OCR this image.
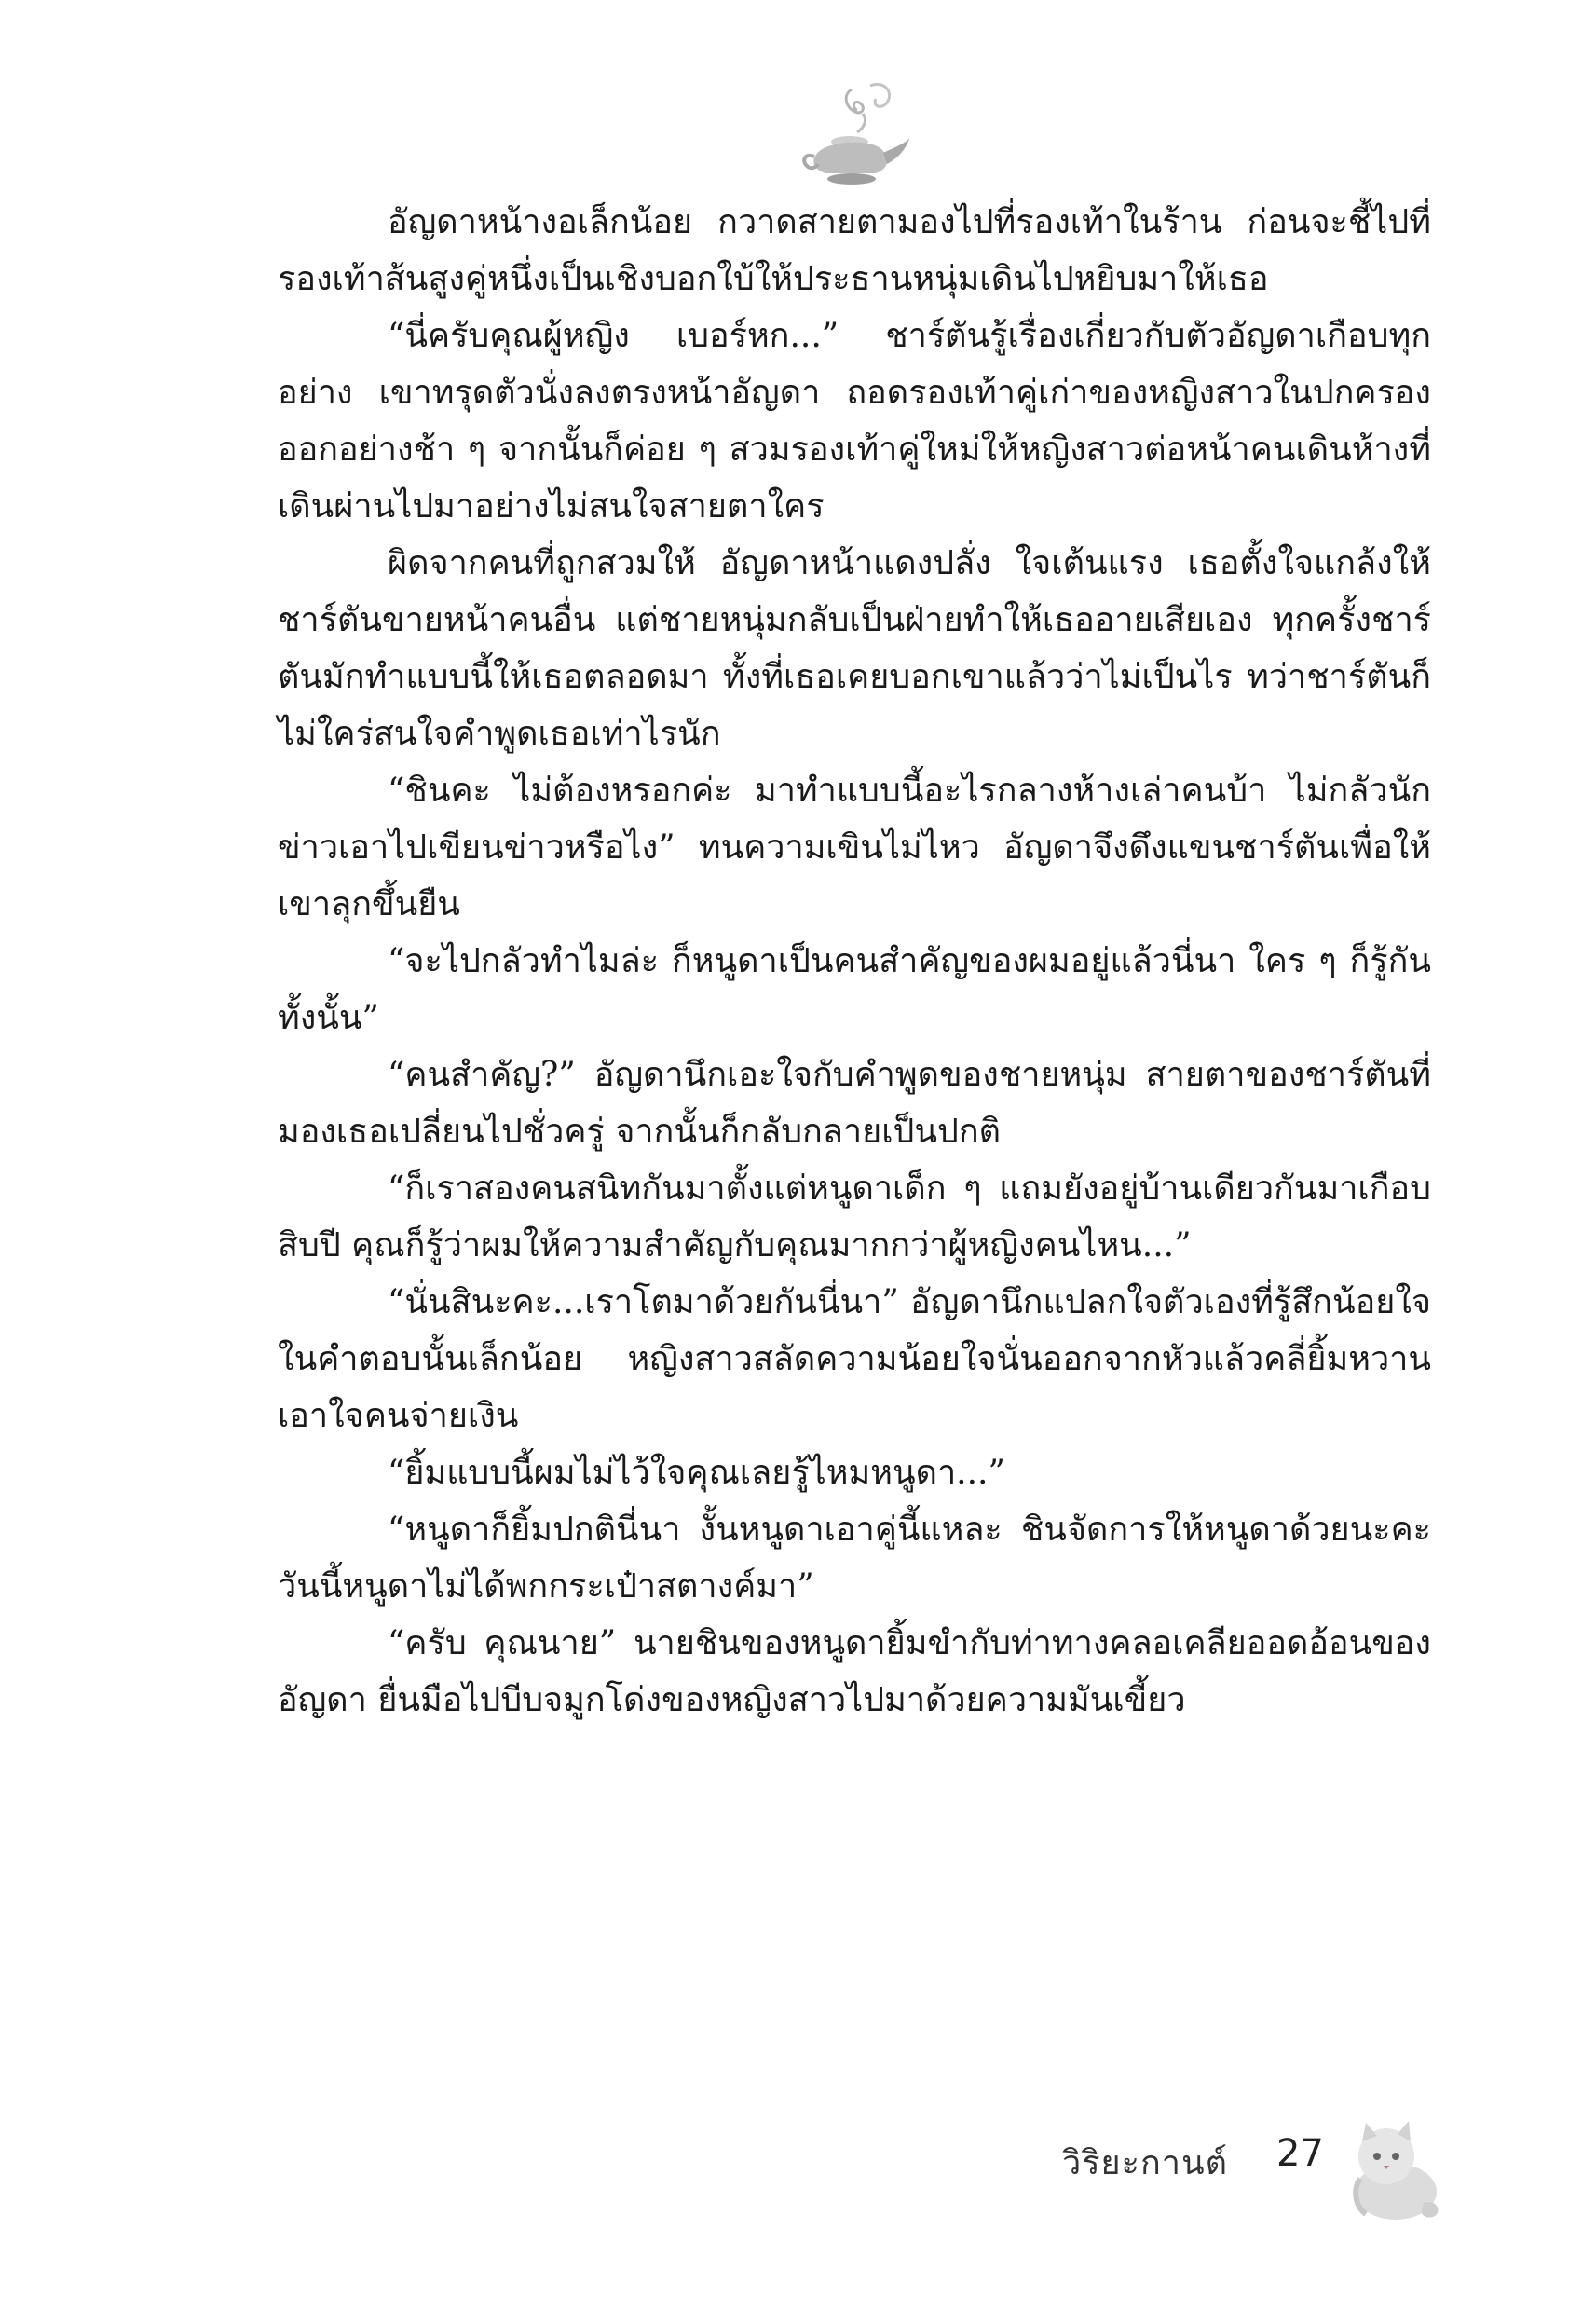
อัญดาหน้างอเล็กน้อย กวาดสายตามองไปที่รองเท้าในร้าน ก่อนจะชี้ไปที่รองเท้าส้นสูงคู่หนึ่งเป็นเชิงบอกใบ้ให้ประธานหนุ่มเดินไปหยิบมาให้เธอ

“นี่ครับคุณผู้หญิง เบอร์หก...” ชาร์ตันรู้เรื่องเกี่ยวกับตัวอัญดาเกือบทุกอย่าง เขาทรุดตัวนั่งลงตรงหน้าอัญดา ถอดรองเท้าคู่เก่าของหญิงสาวในปกครองออกอย่างช้า ๆ จากนั้นก็ค่อย ๆ สวมรองเท้าคู่ใหม่ให้หญิงสาวต่อหน้าคนเดินห้างที่เดินผ่านไปมาอย่างไม่สนใจสายตาใคร

ผิดจากคนที่ถูกสวมให้ อัญดาหน้าแดงปลั่ง ใจเต้นแรง เธอตั้งใจแกล้งให้ชาร์ตันขายหน้าคนอื่น แต่ชายหนุ่มกลับเป็นฝ่ายทำให้เธออายเสียเอง ทุกครั้งชาร์ตันมักทำแบบนี้ให้เธอตลอดมา ทั้งที่เธอเคยบอกเขาแล้วว่าไม่เป็นไร ทว่าชาร์ตันก็ไม่ใคร่สนใจคำพูดเธอเท่าไรนัก

“ชินคะ ไม่ต้องหรอกค่ะ มาทำแบบนี้อะไรกลางห้างเล่าคนบ้า ไม่กลัวนักข่าวเอาไปเขียนข่าวหรือไง” ทนความเขินไม่ไหว อัญดาจึงดึงแขนชาร์ตันเพื่อให้เขาลุกขึ้นยืน

“จะไปกลัวทำไมล่ะ ก็หนูดาเป็นคนสำคัญของผมอยู่แล้วนี่นา ใคร ๆ ก็รู้กันทั้งนั้น”

“คนสำคัญ?” อัญดานึกเอะใจกับคำพูดของชายหนุ่ม สายตาของชาร์ตันที่มองเธอเปลี่ยนไปชั่วครู่ จากนั้นก็กลับกลายเป็นปกติ

“ก็เราสองคนสนิทกันมาตั้งแต่หนูดาเด็ก ๆ แถมยังอยู่บ้านเดียวกันมาเกือบสิบปี คุณก็รู้ว่าผมให้ความสำคัญกับคุณมากกว่าผู้หญิงคนไหน...”

“นั่นสินะคะ...เราโตมาด้วยกันนี่นา” อัญดานึกแปลกใจตัวเองที่รู้สึกน้อยใจในคำตอบนั้นเล็กน้อย หญิงสาวสลัดความน้อยใจนั่นออกจากหัวแล้วคลี่ยิ้มหวานเอาใจคนจ่ายเงิน

“ยิ้มแบบนี้ผมไม่ไว้ใจคุณเลยรู้ไหมหนูดา...”

“หนูดาก็ยิ้มปกตินี่นา งั้นหนูดาเอาคู่นี้แหละ ชินจัดการให้หนูดาด้วยนะคะ วันนี้หนูดาไม่ได้พกกระเป๋าสตางค์มา”

“ครับ คุณนาย” นายชินของหนูดายิ้มขำกับท่าทางคลอเคลียออดอ้อนของอัญดา ยื่นมือไปบีบจมูกโด่งของหญิงสาวไปมาด้วยความมันเขี้ยว

วิริยะกานต์ 27
